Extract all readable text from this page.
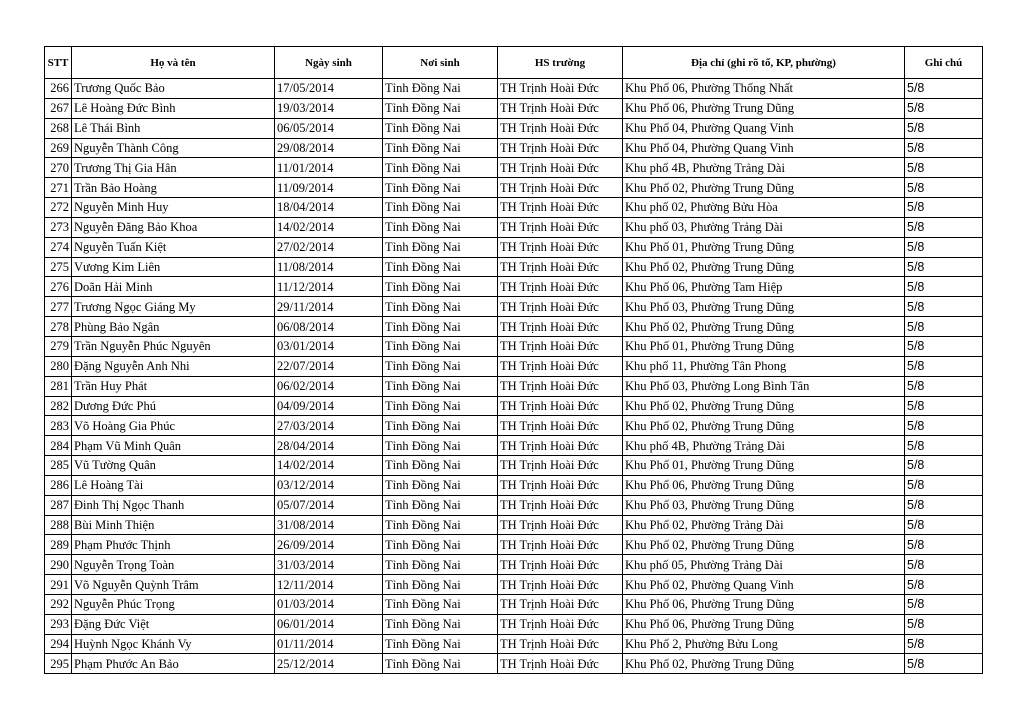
STT	Họ và tên	Ngày sinh	Nơi sinh	HS trường	Địa chỉ (ghi rõ tổ, KP, phường)	Ghi chú
266	Trương Quốc Bảo	17/05/2014	Tỉnh Đồng Nai	TH Trịnh Hoài Đức	Khu Phố 06, Phường Thống Nhất	5/8
267	Lê Hoàng Đức Bình	19/03/2014	Tỉnh Đồng Nai	TH Trịnh Hoài Đức	Khu Phố 06, Phường Trung Dũng	5/8
268	Lê Thái Bình	06/05/2014	Tỉnh Đồng Nai	TH Trịnh Hoài Đức	Khu Phố 04, Phường Quang Vinh	5/8
269	Nguyễn Thành Công	29/08/2014	Tỉnh Đồng Nai	TH Trịnh Hoài Đức	Khu Phố 04, Phường Quang Vinh	5/8
270	Trương Thị Gia Hân	11/01/2014	Tỉnh Đồng Nai	TH Trịnh Hoài Đức	Khu phố 4B, Phường Trảng Dài	5/8
271	Trần Bảo Hoàng	11/09/2014	Tỉnh Đồng Nai	TH Trịnh Hoài Đức	Khu Phố 02, Phường Trung Dũng	5/8
272	Nguyễn Minh Huy	18/04/2014	Tỉnh Đồng Nai	TH Trịnh Hoài Đức	Khu phố 02, Phường Bửu Hòa	5/8
273	Nguyễn Đăng Bảo Khoa	14/02/2014	Tỉnh Đồng Nai	TH Trịnh Hoài Đức	Khu phố 03, Phường Trảng Dài	5/8
274	Nguyễn Tuấn Kiệt	27/02/2014	Tỉnh Đồng Nai	TH Trịnh Hoài Đức	Khu Phố 01, Phường Trung Dũng	5/8
275	Vương Kim Liên	11/08/2014	Tỉnh Đồng Nai	TH Trịnh Hoài Đức	Khu Phố 02, Phường Trung Dũng	5/8
276	Doãn Hải Minh	11/12/2014	Tỉnh Đồng Nai	TH Trịnh Hoài Đức	Khu Phố 06, Phường Tam Hiệp	5/8
277	Trương Ngọc Giáng My	29/11/2014	Tỉnh Đồng Nai	TH Trịnh Hoài Đức	Khu Phố 03, Phường Trung Dũng	5/8
278	Phùng Bảo Ngân	06/08/2014	Tỉnh Đồng Nai	TH Trịnh Hoài Đức	Khu Phố 02, Phường Trung Dũng	5/8
279	Trần Nguyễn Phúc Nguyên	03/01/2014	Tỉnh Đồng Nai	TH Trịnh Hoài Đức	Khu Phố 01, Phường Trung Dũng	5/8
280	Đặng Nguyễn Anh Nhi	22/07/2014	Tỉnh Đồng Nai	TH Trịnh Hoài Đức	Khu phố 11, Phường Tân Phong	5/8
281	Trần Huy Phát	06/02/2014	Tỉnh Đồng Nai	TH Trịnh Hoài Đức	Khu Phố 03, Phường Long Bình Tân	5/8
282	Dương Đức Phú	04/09/2014	Tỉnh Đồng Nai	TH Trịnh Hoài Đức	Khu Phố 02, Phường Trung Dũng	5/8
283	Võ Hoàng Gia Phúc	27/03/2014	Tỉnh Đồng Nai	TH Trịnh Hoài Đức	Khu Phố 02, Phường Trung Dũng	5/8
284	Phạm Vũ Minh Quân	28/04/2014	Tỉnh Đồng Nai	TH Trịnh Hoài Đức	Khu phố 4B, Phường Trảng Dài	5/8
285	Vũ Tường Quân	14/02/2014	Tỉnh Đồng Nai	TH Trịnh Hoài Đức	Khu Phố 01, Phường Trung Dũng	5/8
286	Lê Hoàng Tài	03/12/2014	Tỉnh Đồng Nai	TH Trịnh Hoài Đức	Khu Phố 06, Phường Trung Dũng	5/8
287	Đinh Thị Ngọc Thanh	05/07/2014	Tỉnh Đồng Nai	TH Trịnh Hoài Đức	Khu Phố 03, Phường Trung Dũng	5/8
288	Bùi Minh Thiện	31/08/2014	Tỉnh Đồng Nai	TH Trịnh Hoài Đức	Khu Phố 02, Phường Trảng Dài	5/8
289	Phạm Phước Thịnh	26/09/2014	Tỉnh Đồng Nai	TH Trịnh Hoài Đức	Khu Phố 02, Phường Trung Dũng	5/8
290	Nguyễn Trọng Toàn	31/03/2014	Tỉnh Đồng Nai	TH Trịnh Hoài Đức	Khu phố 05, Phường Trảng Dài	5/8
291	Võ Nguyễn Quỳnh Trâm	12/11/2014	Tỉnh Đồng Nai	TH Trịnh Hoài Đức	Khu Phố 02, Phường Quang Vinh	5/8
292	Nguyễn Phúc Trọng	01/03/2014	Tỉnh Đồng Nai	TH Trịnh Hoài Đức	Khu Phố 06, Phường Trung Dũng	5/8
293	Đặng Đức Việt	06/01/2014	Tỉnh Đồng Nai	TH Trịnh Hoài Đức	Khu Phố 06, Phường Trung Dũng	5/8
294	Huỳnh Ngọc Khánh Vy	01/11/2014	Tỉnh Đồng Nai	TH Trịnh Hoài Đức	Khu Phố 2, Phường Bửu Long	5/8
295	Phạm Phước An Bảo	25/12/2014	Tỉnh Đồng Nai	TH Trịnh Hoài Đức	Khu Phố 02, Phường Trung Dũng	5/8
